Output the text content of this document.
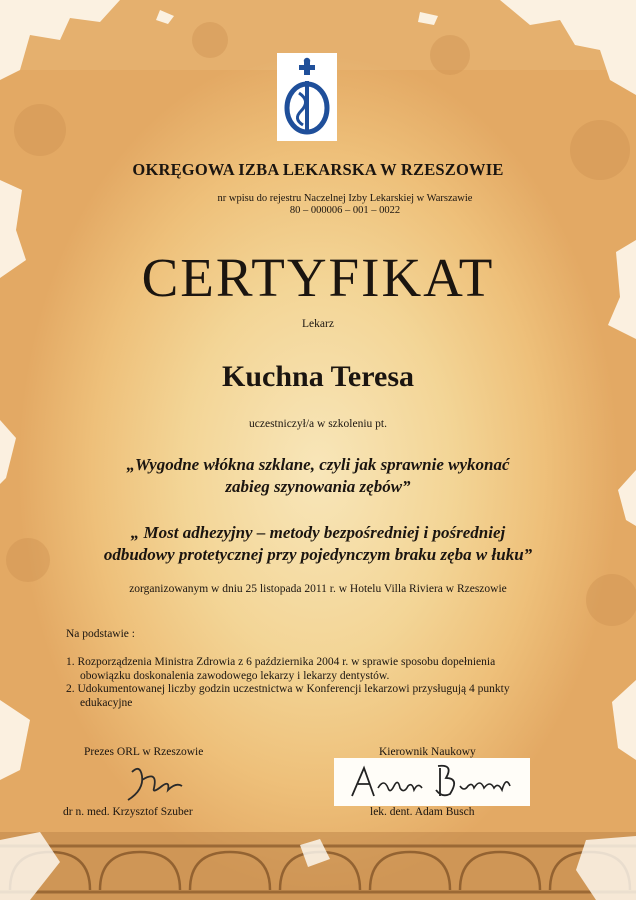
OKRĘGOWA IZBA LEKARSKA W RZESZOWIE
nr wpisu do rejestru Naczelnej Izby Lekarskiej w Warszawie
80 – 000006 – 001 – 0022
CERTYFIKAT
Lekarz
Kuchna Teresa
uczestniczył/a w szkoleniu pt.
„Wygodne włókna szklane, czyli jak sprawnie wykonać
zabieg szynowania zębów”
„ Most adhezyjny – metody bezpośredniej i pośredniej
odbudowy protetycznej przy pojedynczym braku zęba w łuku”
zorganizowanym w dniu 25 listopada 2011 r. w Hotelu Villa Riviera w Rzeszowie
Na podstawie :
1. Rozporządzenia Ministra Zdrowia z 6 października 2004 r. w sprawie sposobu dopełnienia obowiązku doskonalenia zawodowego lekarzy i lekarzy dentystów.
2. Udokumentowanej liczby godzin uczestnictwa w Konferencji lekarzowi przysługują 4 punkty edukacyjne
Prezes ORL w Rzeszowie
dr n. med. Krzysztof Szuber
Kierownik Naukowy
lek. dent. Adam Busch
